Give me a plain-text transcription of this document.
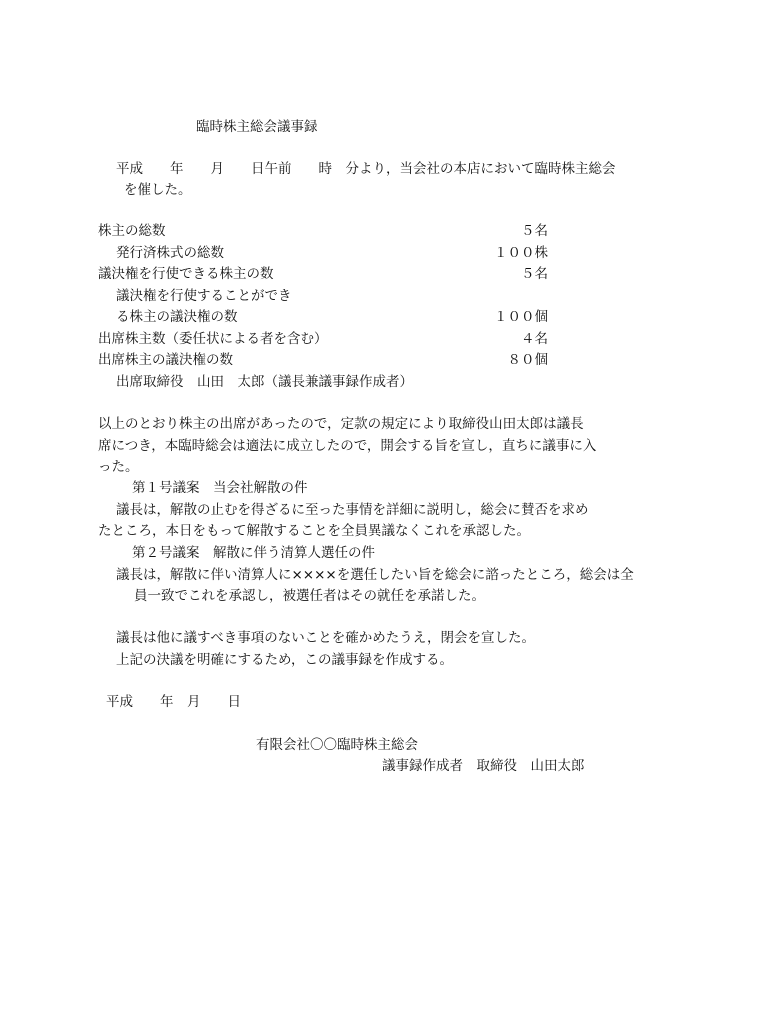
臨時株主総会議事録
平成　　年　　月　　日午前　　時　分より，当会社の本店において臨時株主総会
を催した。
株主の総数	５名
発行済株式の総数	１００株
議決権を行使できる株主の数	５名
議決権を行使することができ
る株主の議決権の数	１００個
出席株主数（委任状による者を含む）	４名
出席株主の議決権の数	８０個
出席取締役　山田　太郎（議長兼議事録作成者）
以上のとおり株主の出席があったので，定款の規定により取締役山田太郎は議長
席につき，本臨時総会は適法に成立したので，開会する旨を宣し，直ちに議事に入
った。
第１号議案　当会社解散の件
議長は，解散の止むを得ざるに至った事情を詳細に説明し，総会に賛否を求め
たところ，本日をもって解散することを全員異議なくこれを承認した。
第２号議案　解散に伴う清算人選任の件
議長は，解散に伴い清算人に××××を選任したい旨を総会に諮ったところ，総会は全
員一致でこれを承認し，被選任者はその就任を承諾した。
議長は他に議すべき事項のないことを確かめたうえ，閉会を宣した。
上記の決議を明確にするため，この議事録を作成する。
平成　　年　月　　日
有限会社〇〇臨時株主総会
議事録作成者　取締役　山田太郎
